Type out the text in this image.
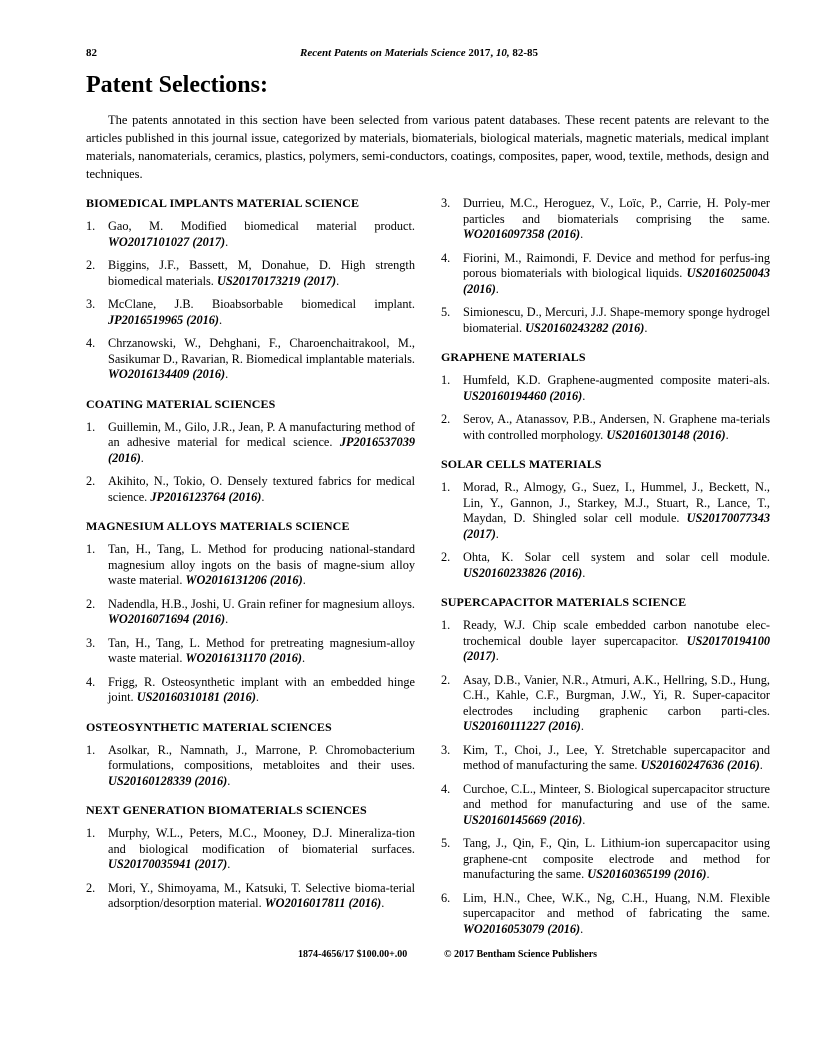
82	Recent Patents on Materials Science 2017, 10, 82-85
Patent Selections:

The patents annotated in this section have been selected from various patent databases. These recent patents are relevant to the articles published in this journal issue, categorized by materials, biomaterials, biological materials, magnetic materials, medical implant materials, nanomaterials, ceramics, plastics, polymers, semi-conductors, coatings, composites, paper, wood, textile, methods, design and techniques.

BIOMEDICAL IMPLANTS MATERIAL SCIENCE
1. Gao, M. Modified biomedical material product. WO2017101027 (2017).
2. Biggins, J.F., Bassett, M, Donahue, D. High strength biomedical materials. US20170173219 (2017).
3. McClane, J.B. Bioabsorbable biomedical implant. JP2016519965 (2016).
4. Chrzanowski, W., Dehghani, F., Charoenchaitrakool, M., Sasikumar D., Ravarian, R. Biomedical implantable materials. WO2016134409 (2016).
COATING MATERIAL SCIENCES
1. Guillemin, M., Gilo, J.R., Jean, P. A manufacturing method of an adhesive material for medical science. JP2016537039 (2016).
2. Akihito, N., Tokio, O. Densely textured fabrics for medical science. JP2016123764 (2016).
MAGNESIUM ALLOYS MATERIALS SCIENCE
1. Tan, H., Tang, L. Method for producing national-standard magnesium alloy ingots on the basis of magne-sium alloy waste material. WO2016131206 (2016).
2. Nadendla, H.B., Joshi, U. Grain refiner for magnesium alloys. WO2016071694 (2016).
3. Tan, H., Tang, L. Method for pretreating magnesium-alloy waste material. WO2016131170 (2016).
4. Frigg, R. Osteosynthetic implant with an embedded hinge joint. US20160310181 (2016).
OSTEOSYNTHETIC MATERIAL SCIENCES
1. Asolkar, R., Namnath, J., Marrone, P. Chromobacterium formulations, compositions, metabloites and their uses. US20160128339 (2016).
NEXT GENERATION BIOMATERIALS SCIENCES
1. Murphy, W.L., Peters, M.C., Mooney, D.J. Mineraliza-tion and biological modification of biomaterial surfaces. US20170035941 (2017).
2. Mori, Y., Shimoyama, M., Katsuki, T. Selective bioma-terial adsorption/desorption material. WO2016017811 (2016).
3. Durrieu, M.C., Heroguez, V., Loïc, P., Carrie, H. Poly-mer particles and biomaterials comprising the same. WO2016097358 (2016).
4. Fiorini, M., Raimondi, F. Device and method for perfus-ing porous biomaterials with biological liquids. US20160250043 (2016).
5. Simionescu, D., Mercuri, J.J. Shape-memory sponge hydrogel biomaterial. US20160243282 (2016).
GRAPHENE MATERIALS
1. Humfeld, K.D. Graphene-augmented composite materi-als. US20160194460 (2016).
2. Serov, A., Atanassov, P.B., Andersen, N. Graphene ma-terials with controlled morphology. US20160130148 (2016).
SOLAR CELLS MATERIALS
1. Morad, R., Almogy, G., Suez, I., Hummel, J., Beckett, N., Lin, Y., Gannon, J., Starkey, M.J., Stuart, R., Lance, T., Maydan, D. Shingled solar cell module. US20170077343 (2017).
2. Ohta, K. Solar cell system and solar cell module. US20160233826 (2016).
SUPERCAPACITOR MATERIALS SCIENCE
1. Ready, W.J. Chip scale embedded carbon nanotube elec-trochemical double layer supercapacitor. US20170194100 (2017).
2. Asay, D.B., Vanier, N.R., Atmuri, A.K., Hellring, S.D., Hung, C.H., Kahle, C.F., Burgman, J.W., Yi, R. Super-capacitor electrodes including graphenic carbon parti-cles. US20160111227 (2016).
3. Kim, T., Choi, J., Lee, Y. Stretchable supercapacitor and method of manufacturing the same. US20160247636 (2016).
4. Curchoe, C.L., Minteer, S. Biological supercapacitor structure and method for manufacturing and use of the same. US20160145669 (2016).
5. Tang, J., Qin, F., Qin, L. Lithium-ion supercapacitor using graphene-cnt composite electrode and method for manufacturing the same. US20160365199 (2016).
6. Lim, H.N., Chee, W.K., Ng, C.H., Huang, N.M. Flexible supercapacitor and method of fabricating the same. WO2016053079 (2016).
1874-4656/17 $100.00+.00	© 2017 Bentham Science Publishers
